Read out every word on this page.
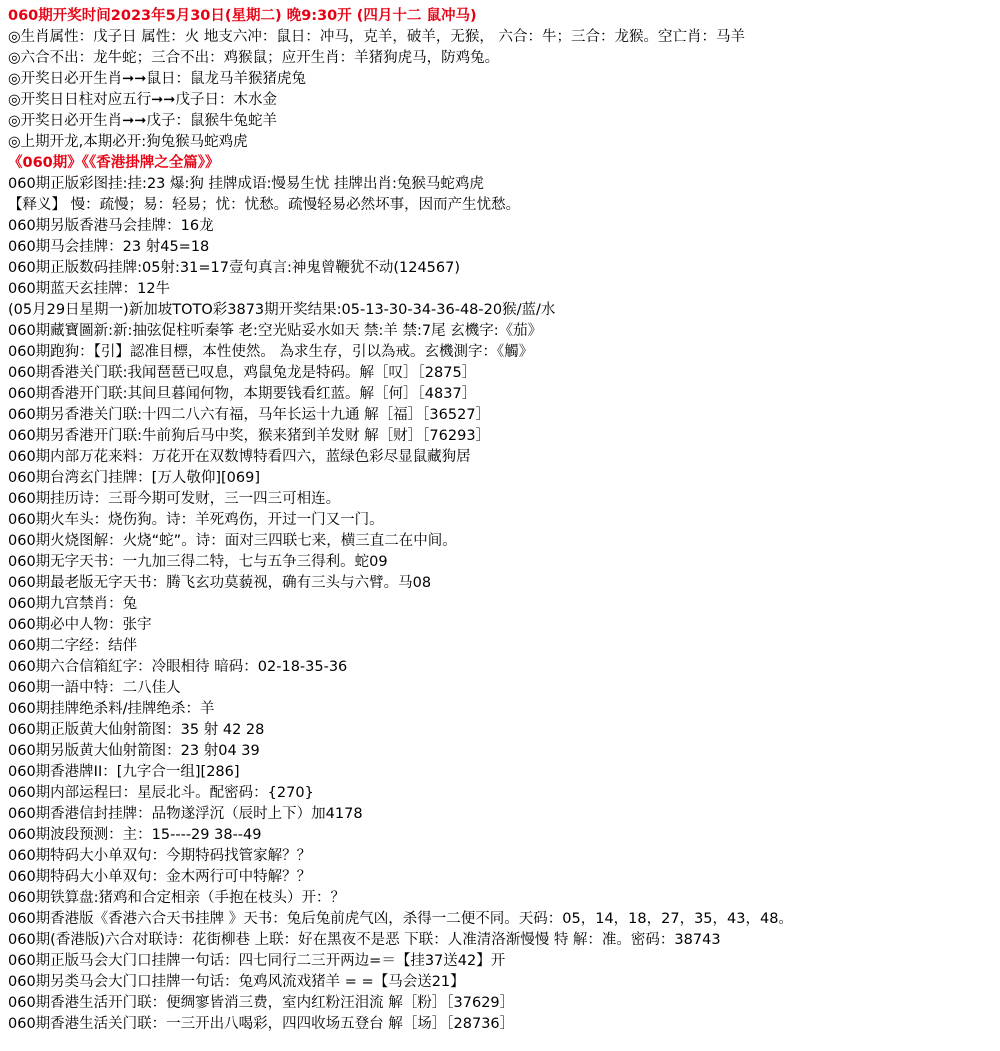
060期开奖时间2023年5月30日(星期二) 晚9:30开 (四月十二 鼠冲马)
◎生肖属性：戊子日 属性：火 地支六冲：鼠日：冲马，克羊，破羊，无猴， 六合：牛；三合：龙猴。空亡肖：马羊
◎六合不出：龙牛蛇；三合不出：鸡猴鼠；应开生肖：羊猪狗虎马，防鸡兔。
◎开奖日必开生肖➞➞鼠日：鼠龙马羊猴猪虎兔
◎开奖日日柱对应五行➞➞戊子日：木水金
◎开奖日必开生肖➞➞戊子：鼠猴牛兔蛇羊
◎上期开龙,本期必开:狗兔猴马蛇鸡虎
《060期》《《香港掛牌之全篇》》
060期正版彩图挂:挂:23 爆:狗 挂牌成语:慢易生忧 挂牌出肖:兔猴马蛇鸡虎
【释义】 慢：疏慢；易：轻易；忧：忧愁。疏慢轻易必然坏事，因而产生忧愁。
060期另版香港马会挂牌：16龙
060期马会挂牌：23 射45=18
060期正版数码挂牌:05射:31=17壹句真言:神鬼曾鞭犹不动(124567)
060期蓝天玄挂牌：12牛
(05月29日星期一)新加坡TOTO彩3873期开奖结果:05-13-30-34-36-48-20猴/蓝/水
060期藏寶圖新:新:抽弦促柱听秦筝 老:空光贴妥水如天 禁:羊 禁:7尾 玄機字:《茄》
060期跑狗：【引】認准目標，本性使然。 為求生存，引以為戒。玄機測字：《觸》
060期香港关门联:我闻琶琶已叹息，鸡鼠兔龙是特码。解［叹］［2875］
060期香港开门联:其间旦暮闻何物，本期要钱看红蓝。解［何］［4837］
060期另香港关门联:十四二八六有福，马年长运十九通 解［福］［36527］
060期另香港开门联:牛前狗后马中奖，猴来猪到羊发财 解［财］［76293］
060期内部万花来料：万花开在双数博特看四六，蓝绿色彩尽显鼠藏狗居
060期台湾玄门挂牌：[万人敬仰][069]
060期挂历诗：三哥今期可发财，三一四三可相连。
060期火车头：烧伤狗。诗：羊死鸡伤，开过一门又一门。
060期火烧图解：火烧“蛇”。诗：面对三四联七来，横三直二在中间。
060期无字天书：一九加三得二特，七与五争三得利。蛇09
060期最老版无字天书：腾飞玄功莫藐视，确有三头与六臂。马08
060期九宫禁肖：兔
060期必中人物：张宇
060期二字经：结伴
060期六合信箱紅字：冷眼相待 暗码：02-18-35-36
060期一語中特：二八佳人
060期挂牌绝杀料/挂牌绝杀：羊
060期正版黄大仙射箭图：35 射 42 28
060期另版黄大仙射箭图：23 射04 39
060期香港牌II：[九字合一组][286]
060期内部运程曰：星辰北斗。配密码：{270}
060期香港信封挂牌：品物遂浮沉（辰时上下）加4178
060期波段预测：主：15----29 38--49
060期特码大小单双句：今期特码找管家解？？
060期特码大小单双句：金木两行可中特解？？
060期铁算盘:猪鸡和合定相亲（手抱在枝头）开：？
060期香港版《香港六合天书挂牌 》天书：兔后兔前虎气凶，杀得一二便不同。天码：05，14，18，27，35，43，48。
060期(香港版)六合对联诗：花街柳巷 上联：好在黑夜不是恶 下联：人准清洛渐慢慢 特 解：准。密码：38743
060期正版马会大门口挂牌一句话：四七同行二三开两边=＝【挂37送42】开
060期另类马会大门口挂牌一句话：兔鸡风流戏猪羊 = =【马会送21】
060期香港生活开门联：便绸寥皆消三费，室内红粉汪泪流 解［粉］［37629］
060期香港生活关门联：一三开出八喝彩，四四收场五登台 解［场］［28736］
